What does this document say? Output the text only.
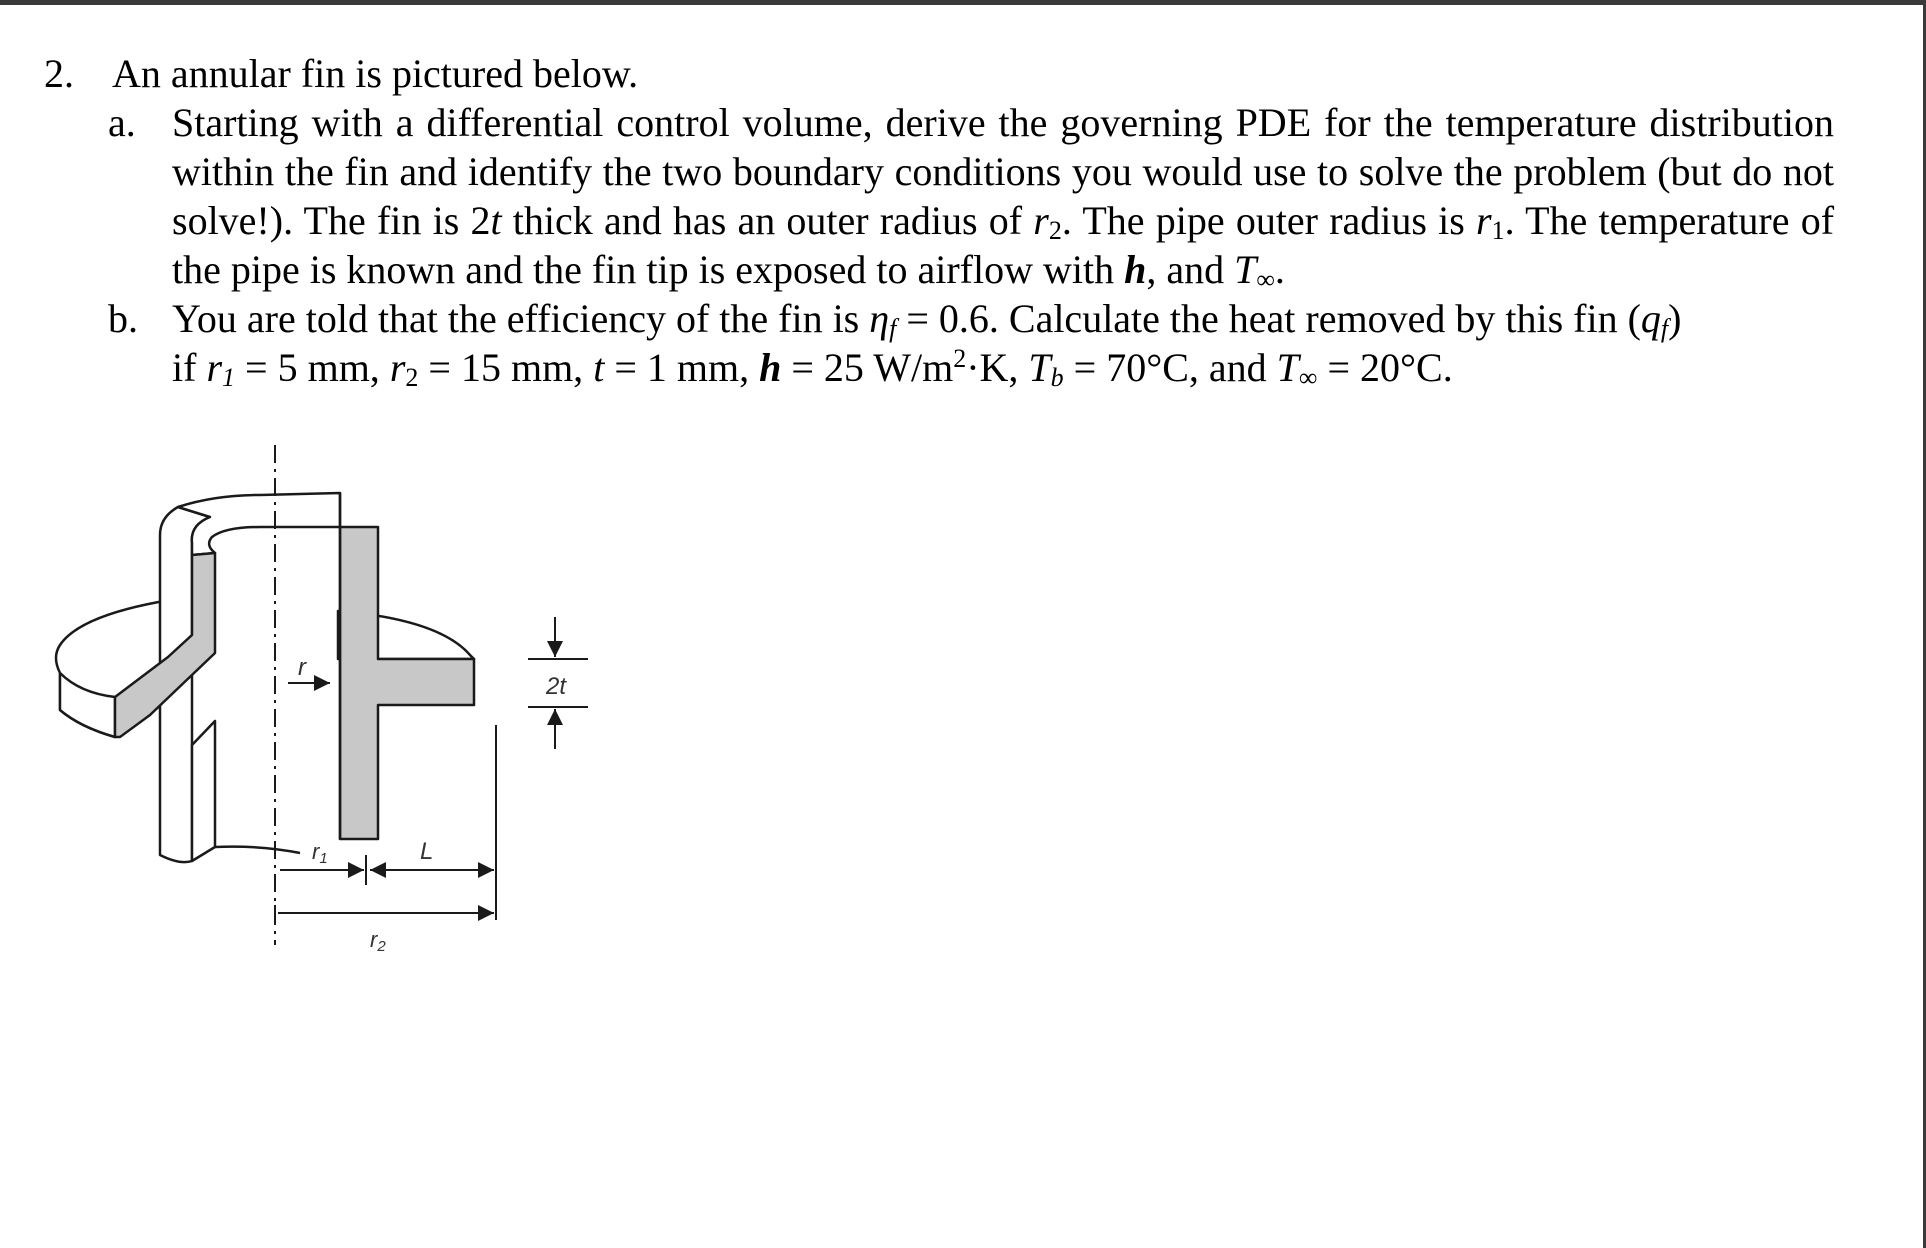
2. An annular fin is pictured below.
a. Starting with a differential control volume, derive the governing PDE for the temperature distribution within the fin and identify the two boundary conditions you would use to solve the problem (but do not solve!). The fin is 2t thick and has an outer radius of $r_2$. The pipe outer radius is $r_1$. The temperature of the pipe is known and the fin tip is exposed to airflow with h, and $T_\infty$.
b. You are told that the efficiency of the fin is $\eta_f = 0.6$. Calculate the heat removed by this fin $(q_f)$
if $r_1 = 5$ mm, $r_2 = 15$ mm, t = 1 mm, h = 25 $W/m^2\cdot K$, $T_b = 70^\circ C$, and $T_\infty = 20^\circ C$.
r
2t
r1	L
r2
